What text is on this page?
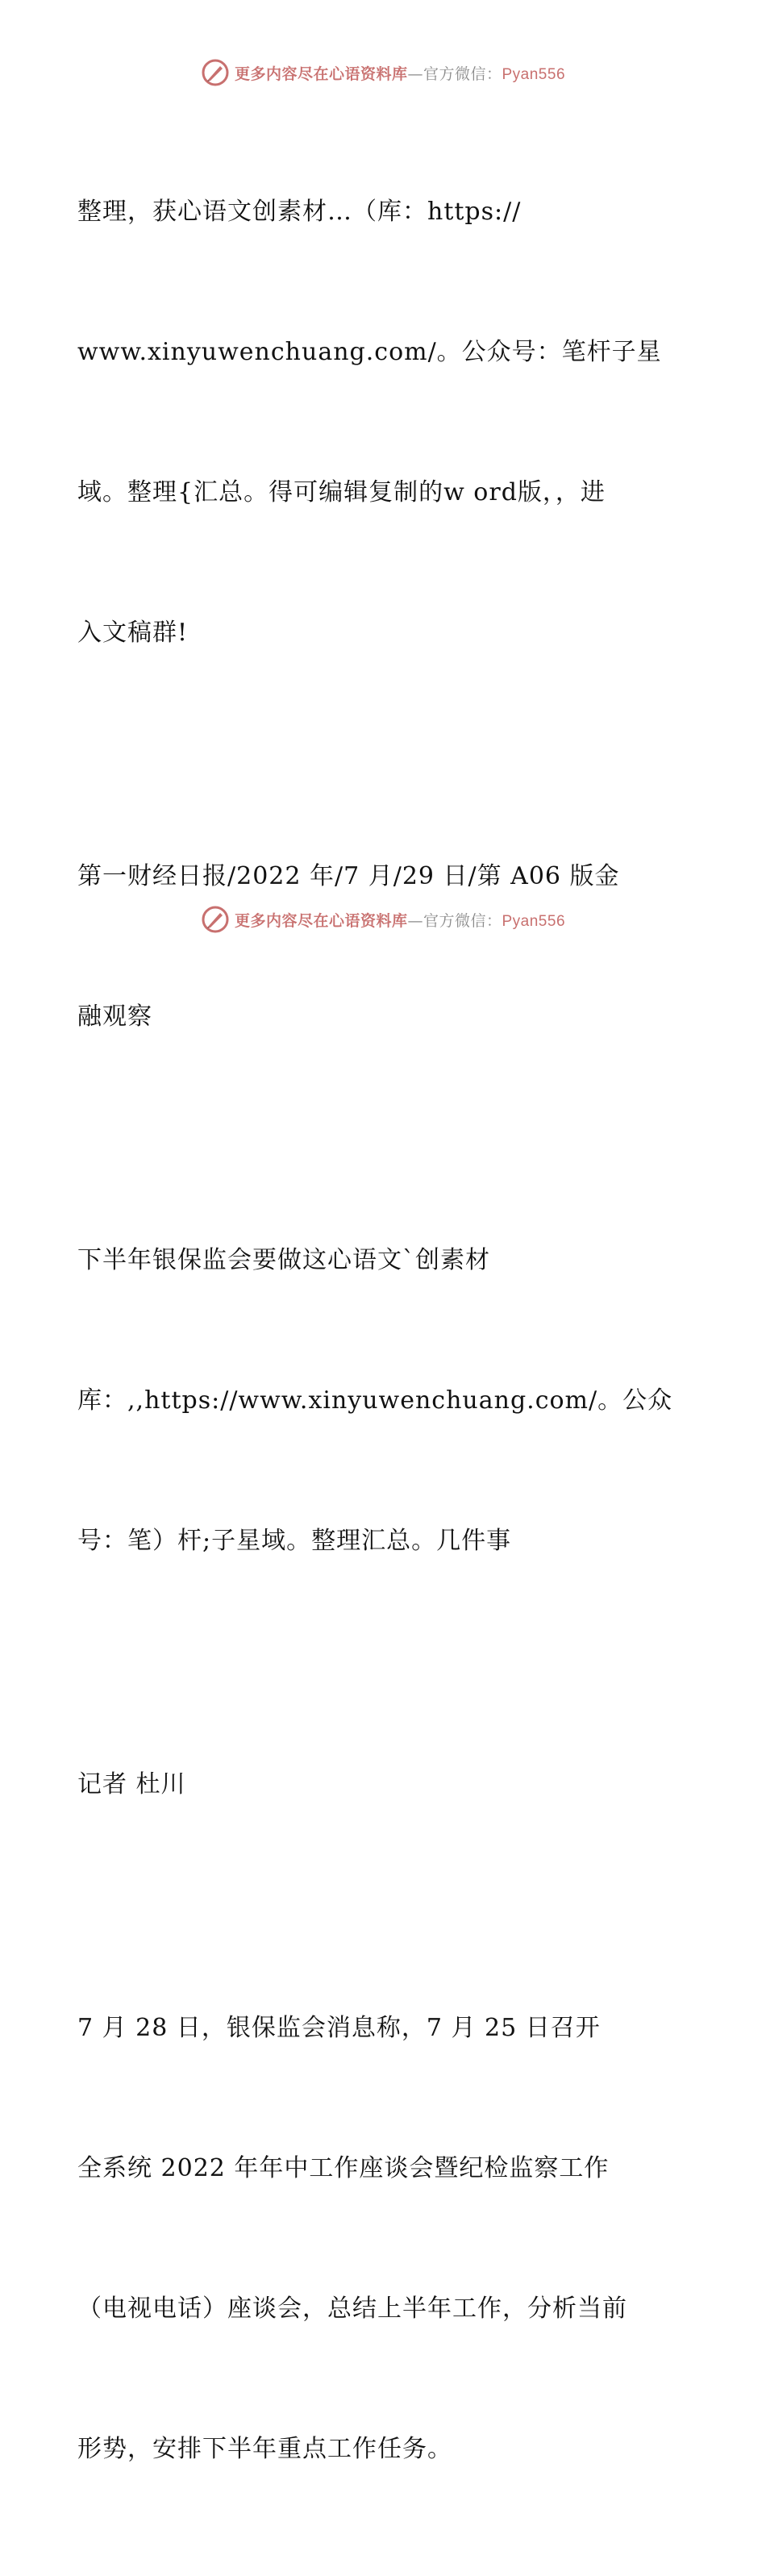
更多内容尽在心语资料库—官方微信：Pyan556

整理，获心语文创素材…（库：https://

www.xinyuwenchuang.com/。公众号：笔杆子星

域。整理{汇总。得可编辑复制的w ord版，，进

入文稿群!

第一财经日报/2022 年/7 月/29 日/第 A06 版金

融观察

下半年银保监会要做这心语文`创素材

库：,,https://www.xinyuwenchuang.com/。公众

号：笔）杆;子星域。整理汇总。几件事

记者 杜川

7 月 28 日，银保监会消息称，7 月 25 日召开

全系统 2022 年年中工作座谈会暨纪检监察工作

（电视电话）座谈会，总结上半年工作，分析当前

形势，安排下半年重点工作任务。

更多内容尽在心语资料库—官方微信：Pyan556
